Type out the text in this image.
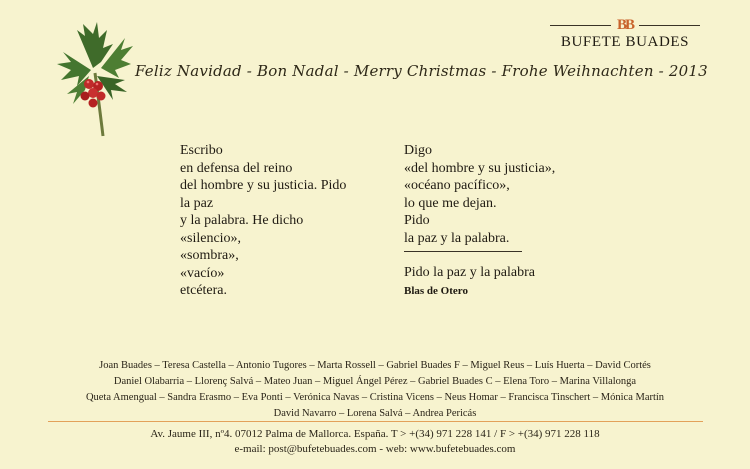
BB
BUFETE BUADES
Feliz Navidad - Bon Nadal - Merry Christmas - Frohe Weihnachten - 2013
Escribo
en defensa del reino
del hombre y su justicia. Pido
la paz
y la palabra. He dicho
«silencio»,
«sombra»,
«vacío»
etcétera.
Digo
«del hombre y su justicia»,
«océano pacífico»,
lo que me dejan.
Pido
la paz y la palabra.
Pido la paz y la palabra
Blas de Otero
Joan Buades – Teresa Castella – Antonio Tugores – Marta Rossell – Gabriel Buades F – Miguel Reus – Luís Huerta – David Cortés
Daniel Olabarria – Llorenç Salvá – Mateo Juan – Miguel Ángel Pérez – Gabriel Buades C – Elena Toro – Marina Villalonga
Queta Amengual – Sandra Erasmo – Eva Ponti – Verónica Navas – Cristina Vicens – Neus Homar – Francisca Tinschert – Mónica Martín
David Navarro – Lorena Salvá – Andrea Pericás
Av. Jaume III, nº4. 07012 Palma de Mallorca. España. T > +(34) 971 228 141 / F > +(34) 971 228 118
e-mail: post@bufetebuades.com - web: www.bufetebuades.com
